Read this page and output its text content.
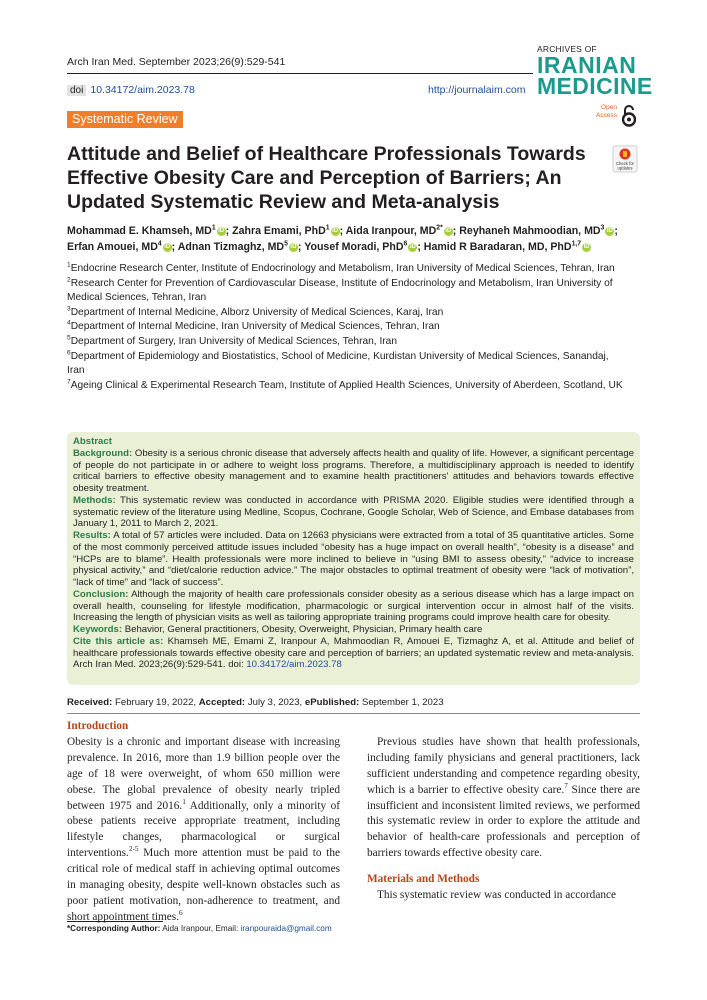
Arch Iran Med. September 2023;26(9):529-541
doi 10.34172/aim.2023.78	http://journalaim.com
ARCHIVES OF
IRANIAN
MEDICINE
Open
Access
Check for
updates
Systematic Review
Attitude and Belief of Healthcare Professionals Towards Effective Obesity Care and Perception of Barriers; An Updated Systematic Review and Meta-analysis
Mohammad E. Khamseh, $MD^1$ iD ; Zahra Emami, PhD$^1$ iD ; Aida Iranpour, $MD^{2*}$ iD ; Reyhaneh Mahmoodian, $MD^3$ iD ;
Erfan Amouei, $MD^4$ iD ; Adnan Tizmaghz, $MD^5$ iD ; Yousef Moradi, PhD$^6$ iD ; Hamid R Baradaran, MD, PhD$^{1,7}$ iD

$^1$Endocrine Research Center, Institute of Endocrinology and Metabolism, Iran University of Medical Sciences, Tehran, Iran

$^2$Research Center for Prevention of Cardiovascular Disease, Institute of Endocrinology and Metabolism, Iran University of Medical Sciences, Tehran, Iran

$^3$Department of Internal Medicine, Alborz University of Medical Sciences, Karaj, Iran

$^4$Department of Internal Medicine, Iran University of Medical Sciences, Tehran, Iran

$^5$Department of Surgery, Iran University of Medical Sciences, Tehran, Iran

$^6$Department of Epidemiology and Biostatistics, School of Medicine, Kurdistan University of Medical Sciences, Sanandaj, Iran

$^7$Ageing Clinical & Experimental Research Team, Institute of Applied Health Sciences, University of Aberdeen, Scotland, UK

Abstract

Background: Obesity is a serious chronic disease that adversely affects health and quality of life. However, a significant percentage of people do not participate in or adhere to weight loss programs. Therefore, a multidisciplinary approach is needed to identify critical barriers to effective obesity management and to examine health practitioners' attitudes and behaviors towards effective obesity treatment.

Methods: This systematic review was conducted in accordance with PRISMA 2020. Eligible studies were identified through a systematic review of the literature using Medline, Scopus, Cochrane, Google Scholar, Web of Science, and Embase databases from January 1, 2011 to March 2, 2021.

Results: A total of 57 articles were included. Data on 12663 physicians were extracted from a total of 35 quantitative articles. Some of the most commonly perceived attitude issues included “obesity has a huge impact on overall health”, “obesity is a disease” and “HCPs are to blame”. Health professionals were more inclined to believe in “using BMI to assess obesity,” “advice to increase physical activity,” and “diet/calorie reduction advice.” The major obstacles to optimal treatment of obesity were “lack of motivation”, “lack of time” and “lack of success”.

Conclusion: Although the majority of health care professionals consider obesity as a serious disease which has a large impact on overall health, counseling for lifestyle modification, pharmacologic or surgical intervention occur in almost half of the visits. Increasing the length of physician visits as well as tailoring appropriate training programs could improve health care for obesity.

Keywords: Behavior, General practitioners, Obesity, Overweight, Physician, Primary health care

Cite this article as: Khamseh ME, Emami Z, Iranpour A, Mahmoodian R, Amouei E, Tizmaghz A, et al. Attitude and belief of healthcare professionals towards effective obesity care and perception of barriers; an updated systematic review and meta-analysis. Arch Iran Med. 2023;26(9):529-541. doi: 10.34172/aim.2023.78

Received: February 19, 2022, Accepted: July 3, 2023, ePublished: September 1, 2023

Introduction

Obesity is a chronic and important disease with increasing prevalence. In 2016, more than 1.9 billion people over the age of 18 were overweight, of whom 650 million were obese. The global prevalence of obesity nearly tripled between 1975 and 2016.$^1$ Additionally, only a minority of obese patients receive appropriate treatment, including lifestyle changes, pharmacological or surgical interventions.$^{2-5}$ Much more attention must be paid to the critical role of medical staff in achieving optimal outcomes in managing obesity, despite well-known obstacles such as poor patient motivation, non-adherence to treatment, and short appointment times.$^6$

Previous studies have shown that health professionals, including family physicians and general practitioners, lack sufficient understanding and competence regarding obesity, which is a barrier to effective obesity care.$^7$ Since there are insufficient and inconsistent limited reviews, we performed this systematic review in order to explore the attitude and behavior of health-care professionals and perception of barriers towards effective obesity care.

Materials and Methods

This systematic review was conducted in accordance

*Corresponding Author: Aida Iranpour, Email: iranpouraida@gmail.com
